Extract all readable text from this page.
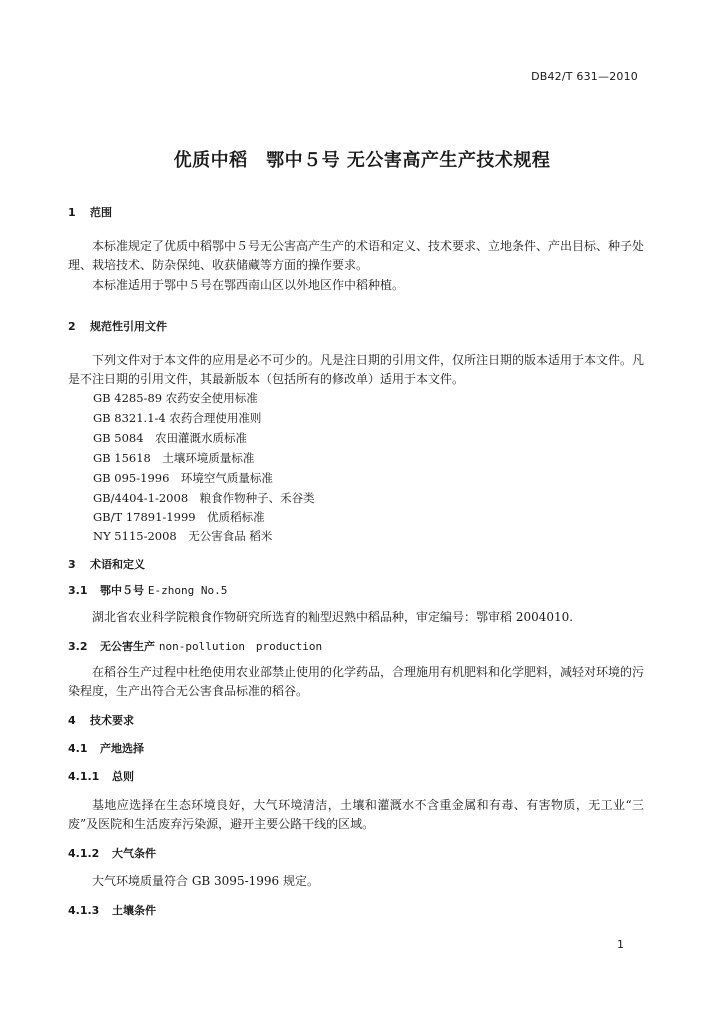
DB42/T 631—2010
优质中稻　鄂中５号 无公害高产生产技术规程
1 范围
本标准规定了优质中稻鄂中５号无公害高产生产的术语和定义、技术要求、立地条件、产出目标、种子处理、栽培技术、防杂保纯、收获储藏等方面的操作要求。
本标准适用于鄂中５号在鄂西南山区以外地区作中稻种植。
2 规范性引用文件
下列文件对于本文件的应用是必不可少的。凡是注日期的引用文件，仅所注日期的版本适用于本文件。凡是不注日期的引用文件，其最新版本（包括所有的修改单）适用于本文件。
GB 4285-89 农药安全使用标准
GB 8321.1-4 农药合理使用准则
GB 5084　农田灌溉水质标准
GB 15618　土壤环境质量标准
GB 095-1996　环境空气质量标准
GB/4404-1-2008　粮食作物种子、禾谷类
GB/T 17891-1999　优质稻标准
NY 5115-2008　无公害食品 稻米
3 术语和定义
3.1 鄂中５号 E-zhong No.5
湖北省农业科学院粮食作物研究所选育的籼型迟熟中稻品种，审定编号：鄂审稻 2004010.
3.2 无公害生产 non-pollution　production
在稻谷生产过程中杜绝使用农业部禁止使用的化学药品，合理施用有机肥料和化学肥料，减轻对环境的污染程度，生产出符合无公害食品标准的稻谷。
4 技术要求
4.1 产地选择
4.1.1 总则
基地应选择在生态环境良好，大气环境清洁，土壤和灌溉水不含重金属和有毒、有害物质，无工业“三废”及医院和生活废弃污染源，避开主要公路干线的区域。
4.1.2 大气条件
大气环境质量符合 GB 3095-1996 规定。
4.1.3 土壤条件
1
